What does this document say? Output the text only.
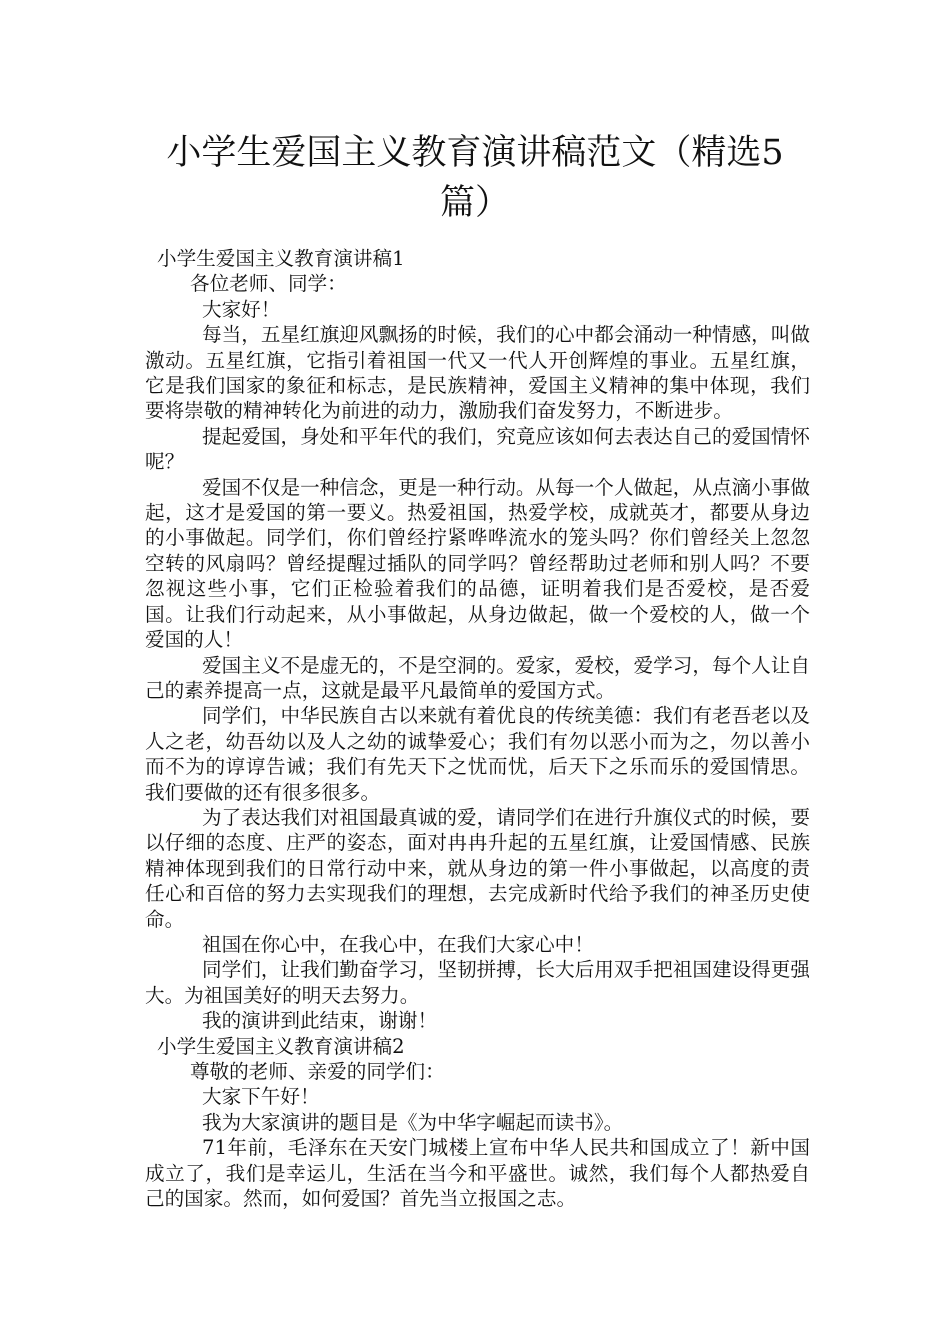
小学生爱国主义教育演讲稿范文（精选5篇）

小学生爱国主义教育演讲稿1

各位老师、同学：

大家好！

每当，五星红旗迎风飘扬的时候，我们的心中都会涌动一种情感，叫做激动。五星红旗，它指引着祖国一代又一代人开创辉煌的事业。五星红旗，它是我们国家的象征和标志，是民族精神，爱国主义精神的集中体现，我们要将崇敬的精神转化为前进的动力，激励我们奋发努力，不断进步。

提起爱国，身处和平年代的我们，究竟应该如何去表达自己的爱国情怀呢？

爱国不仅是一种信念，更是一种行动。从每一个人做起，从点滴小事做起，这才是爱国的第一要义。热爱祖国，热爱学校，成就英才，都要从身边的小事做起。同学们，你们曾经拧紧哗哗流水的笼头吗？你们曾经关上忽忽空转的风扇吗？曾经提醒过插队的同学吗？曾经帮助过老师和别人吗？不要忽视这些小事，它们正检验着我们的品德，证明着我们是否爱校，是否爱国。让我们行动起来，从小事做起，从身边做起，做一个爱校的人，做一个爱国的人！

爱国主义不是虚无的，不是空洞的。爱家，爱校，爱学习，每个人让自己的素养提高一点，这就是最平凡最简单的爱国方式。

同学们，中华民族自古以来就有着优良的传统美德：我们有老吾老以及人之老，幼吾幼以及人之幼的诚挚爱心；我们有勿以恶小而为之，勿以善小而不为的谆谆告诫；我们有先天下之忧而忧，后天下之乐而乐的爱国情思。我们要做的还有很多很多。

为了表达我们对祖国最真诚的爱，请同学们在进行升旗仪式的时候，要以仔细的态度、庄严的姿态，面对冉冉升起的五星红旗，让爱国情感、民族精神体现到我们的日常行动中来，就从身边的第一件小事做起，以高度的责任心和百倍的努力去实现我们的理想，去完成新时代给予我们的神圣历史使命。

祖国在你心中，在我心中，在我们大家心中！

同学们，让我们勤奋学习，坚韧拼搏，长大后用双手把祖国建设得更强大。为祖国美好的明天去努力。

我的演讲到此结束，谢谢！

小学生爱国主义教育演讲稿2

尊敬的老师、亲爱的同学们：

大家下午好！

我为大家演讲的题目是《为中华字崛起而读书》。

71年前，毛泽东在天安门城楼上宣布中华人民共和国成立了！新中国成立了，我们是幸运儿，生活在当今和平盛世。诚然，我们每个人都热爱自己的国家。然而，如何爱国？首先当立报国之志。
